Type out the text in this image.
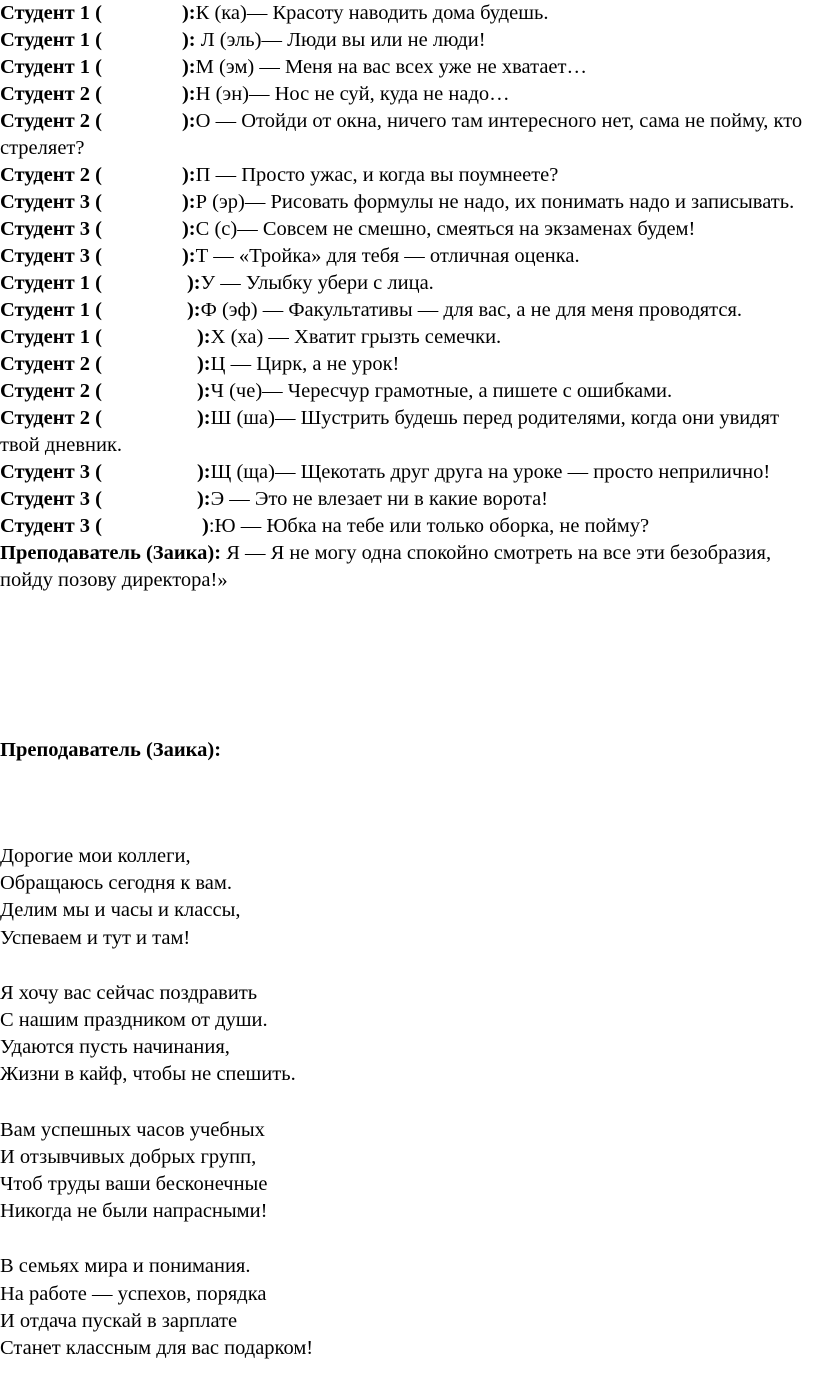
Студент 1 (	):К (ка)— Красоту наводить дома будешь.

Студент 1 (	): Л (эль)— Люди вы или не люди!

Студент 1 (	):М (эм) — Меня на вас всех уже не хватает…

Студент 2 (	):Н (эн)— Нос не суй, куда не надо…

Студент 2 (	):О — Отойди от окна, ничего там интересного нет, сама не пойму, кто стреляет?

Студент 2 (	):П — Просто ужас, и когда вы поумнеете?

Студент 3 (	):Р (эр)— Рисовать формулы не надо, их понимать надо и записывать.

Студент 3 (	):С (с)— Совсем не смешно, смеяться на экзаменах будем!

Студент 3 (	):Т — «Тройка» для тебя — отличная оценка.

Студент 1 (	):У — Улыбку убери с лица.

Студент 1 (	):Ф (эф) — Факультативы — для вас, а не для меня проводятся.

Студент 1 (	):Х (ха) — Хватит грызть семечки.

Студент 2 (	):Ц — Цирк, а не урок!

Студент 2 (	):Ч (че)— Чересчур грамотные, а пишете с ошибками.

Студент 2 (	):Ш (ша)— Шустрить будешь перед родителями, когда они увидят твой дневник.

Студент 3 (	):Щ (ща)— Щекотать друг друга на уроке — просто неприлично!

Студент 3 (	):Э — Это не влезает ни в какие ворота!

Студент 3 (	):Ю — Юбка на тебе или только оборка, не пойму?

Преподаватель (Заика): Я — Я не могу одна спокойно смотреть на все эти безобразия, пойду позову директора!»

Преподаватель (Заика):
Дорогие мои коллеги,
Обращаюсь сегодня к вам.
Делим мы и часы и классы,
Успеваем и тут и там!
Я хочу вас сейчас поздравить
С нашим праздником от души.
Удаются пусть начинания,
Жизни в кайф, чтобы не спешить.
Вам успешных часов учебных
И отзывчивых добрых групп,
Чтоб труды ваши бесконечные
Никогда не были напрасными!
В семьях мира и понимания.
На работе — успехов, порядка
И отдача пускай в зарплате
Станет классным для вас подарком!
